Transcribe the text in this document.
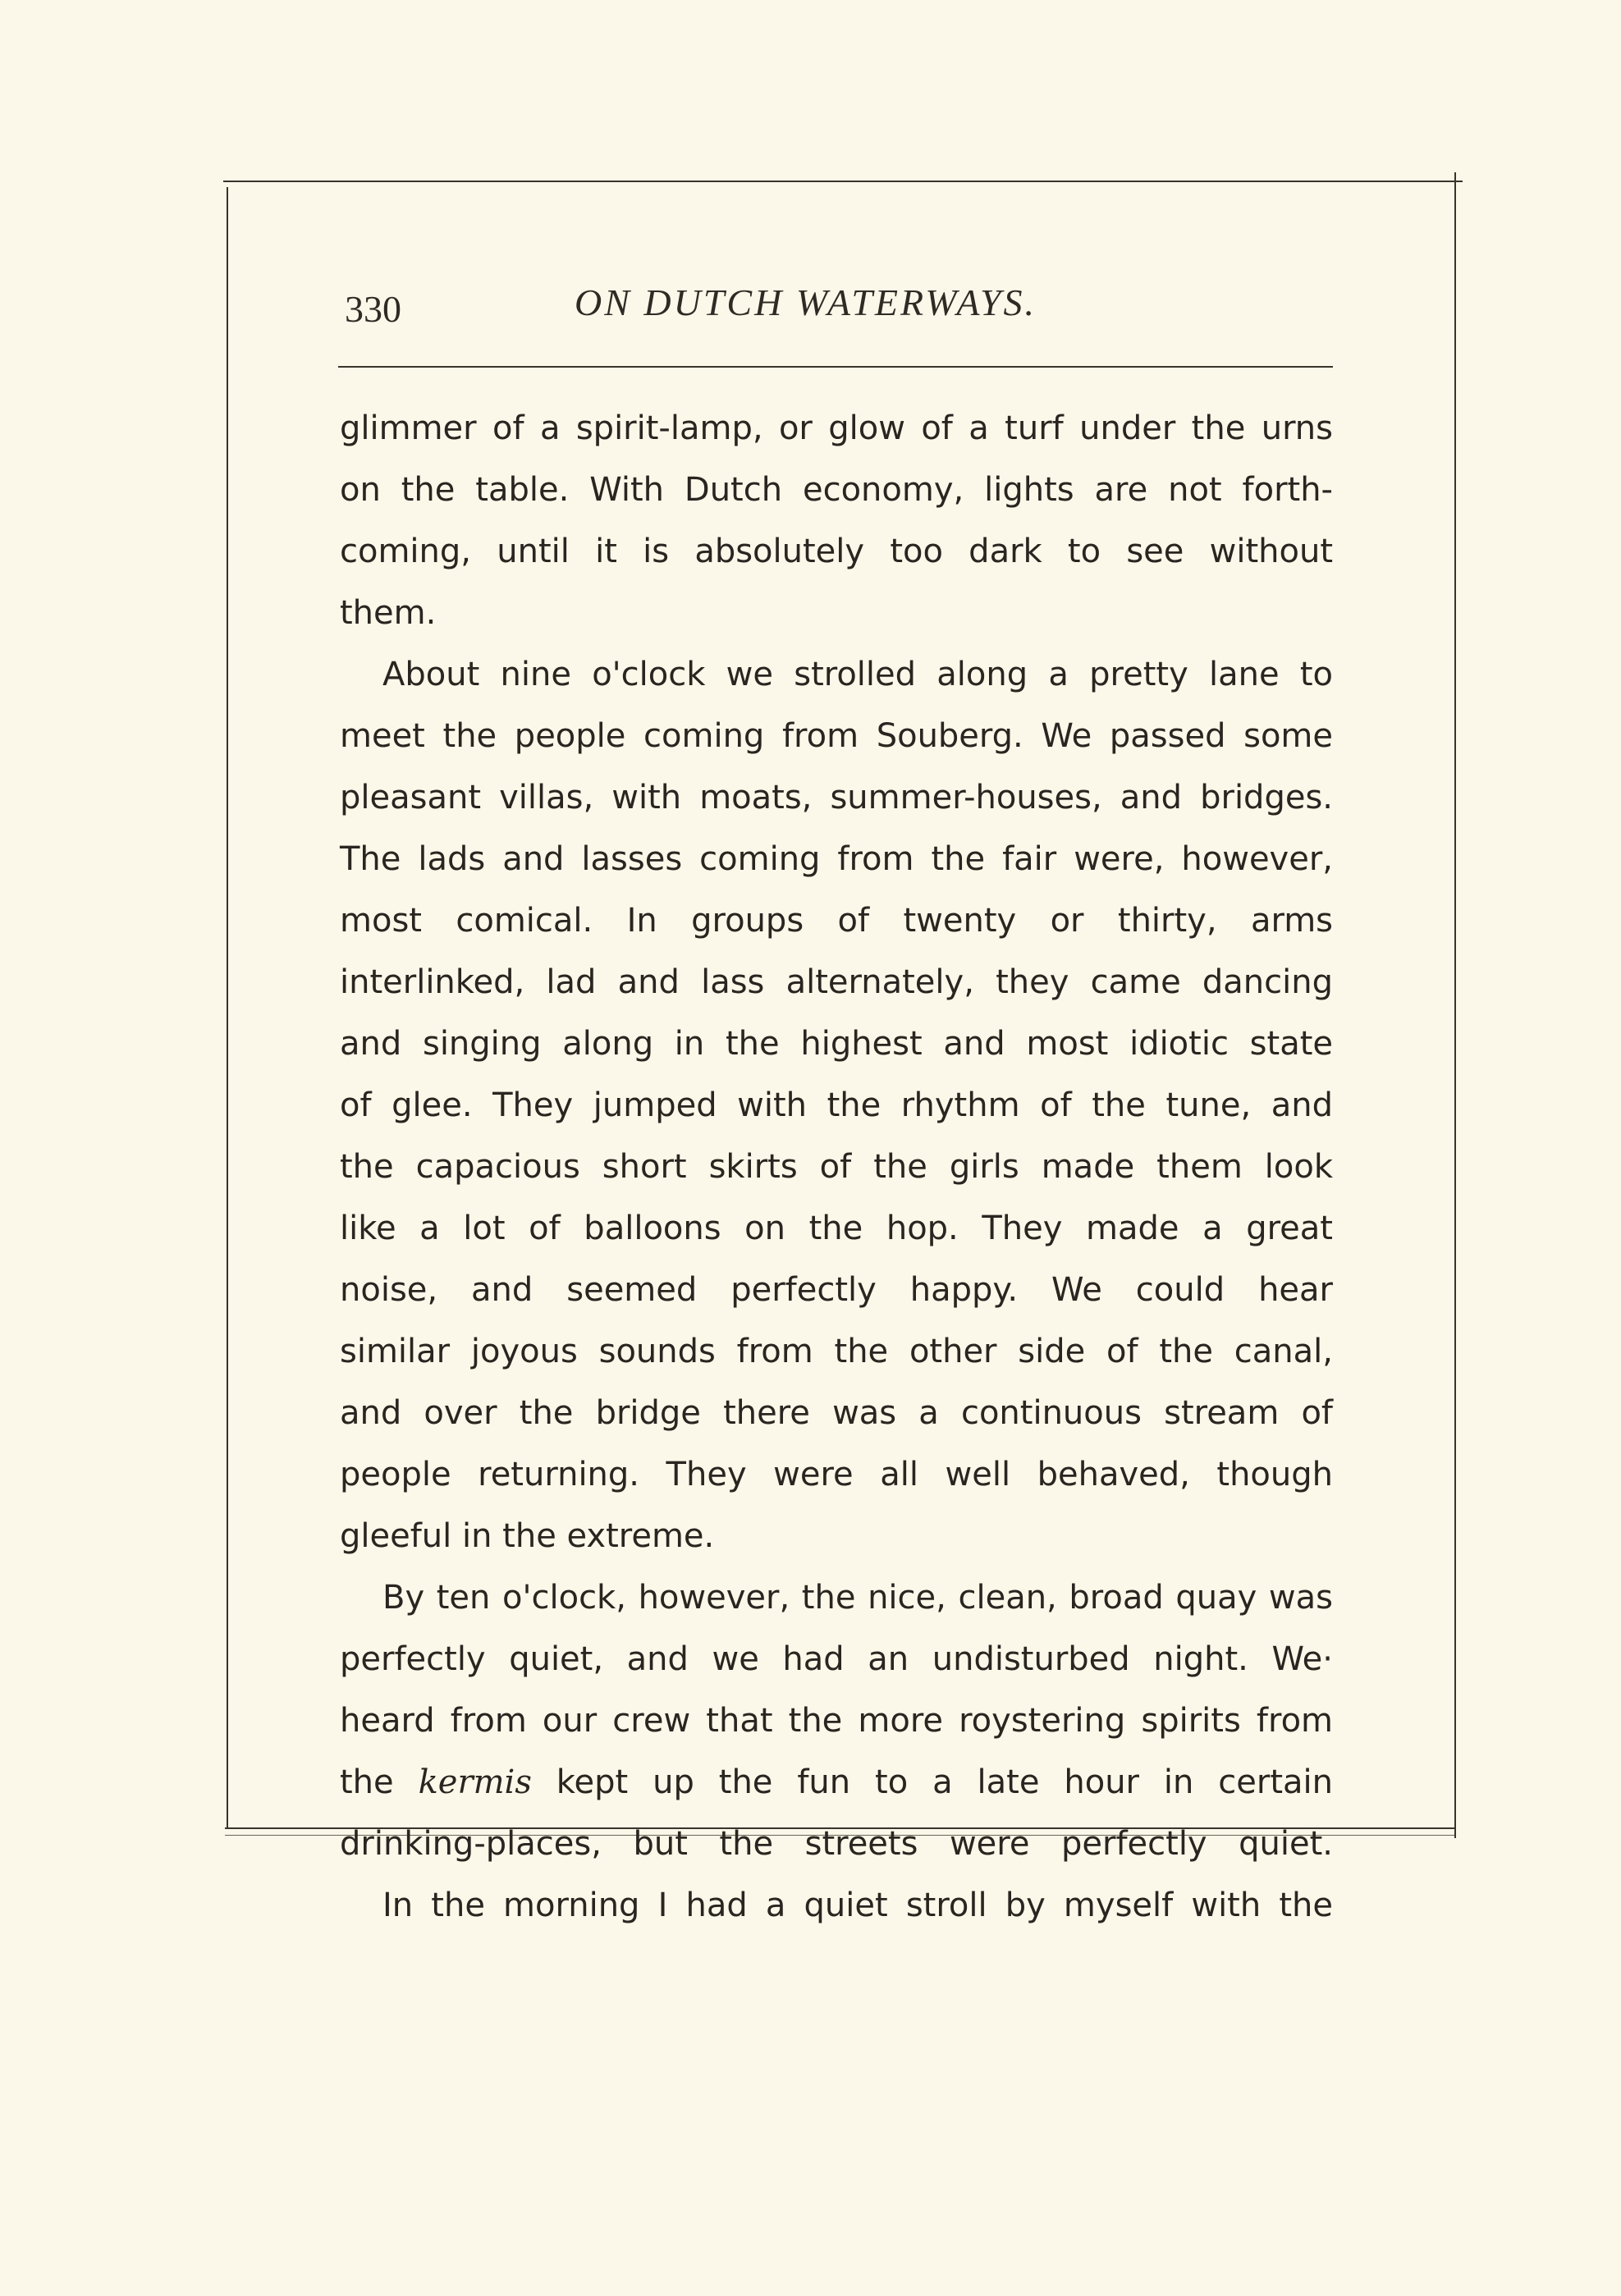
330	ON DUTCH WATERWAYS.
glimmer of a spirit-lamp, or glow of a turf under the urns
on the table. With Dutch economy, lights are not forth-
coming, until it is absolutely too dark to see without
them.
About nine o'clock we strolled along a pretty lane to
meet the people coming from Souberg. We passed some
pleasant villas, with moats, summer-houses, and bridges.
The lads and lasses coming from the fair were, however,
most comical. In groups of twenty or thirty, arms
interlinked, lad and lass alternately, they came dancing
and singing along in the highest and most idiotic state
of glee. They jumped with the rhythm of the tune, and
the capacious short skirts of the girls made them look
like a lot of balloons on the hop. They made a great
noise, and seemed perfectly happy. We could hear
similar joyous sounds from the other side of the canal,
and over the bridge there was a continuous stream of
people returning. They were all well behaved, though
gleeful in the extreme.
By ten o'clock, however, the nice, clean, broad quay was
perfectly quiet, and we had an undisturbed night. We·
heard from our crew that the more roystering spirits from
the kermis kept up the fun to a late hour in certain
drinking-places, but the streets were perfectly quiet.
In the morning I had a quiet stroll by myself with the
